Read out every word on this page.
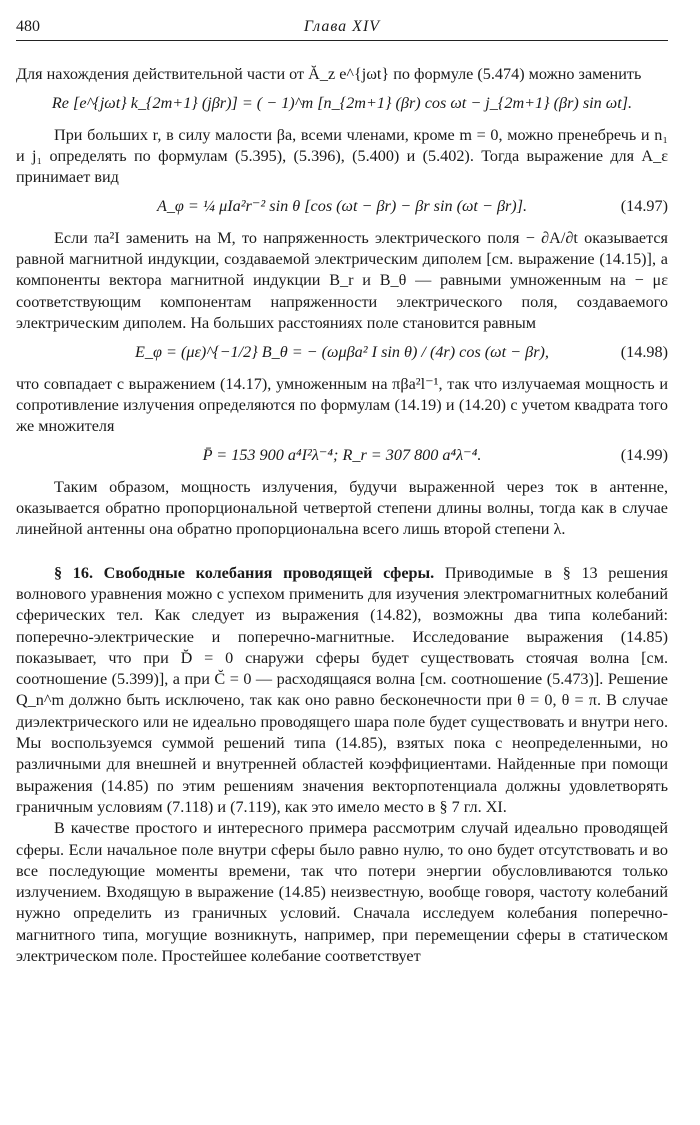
480	Глава XIV

Для нахождения действительной части от Ă_z e^{jωt} по формуле (5.474) можно заменить

Re [e^{jωt} k_{2m+1} (jβr)] = ( − 1)^m [n_{2m+1} (βr) cos ωt − j_{2m+1} (βr) sin ωt].

При больших r, в силу малости βa, всеми членами, кроме m = 0, можно пренебречь и n₁ и j₁ определять по формулам (5.395), (5.396), (5.400) и (5.402). Тогда выражение для A_ε принимает вид

A_φ = ¼ μIa²r⁻² sin θ [cos (ωt − βr) − βr sin (ωt − βr)].	(14.97)

Если πa²I заменить на M, то напряженность электрического поля − ∂A/∂t оказывается равной магнитной индукции, создаваемой электрическим диполем [см. выражение (14.15)], а компоненты вектора магнитной индукции B_r и B_θ — равными умноженным на − με соответствующим компонентам напряженности электрического поля, создаваемого электрическим диполем. На больших расстояниях поле становится равным

E_φ = (με)^{−1/2} B_θ = − (ωμβa² I sin θ) / (4r) cos (ωt − βr),	(14.98)

что совпадает с выражением (14.17), умноженным на πβa²l⁻¹, так что излучаемая мощность и сопротивление излучения определяются по формулам (14.19) и (14.20) с учетом квадрата того же множителя

P̄ = 153 900 a⁴I²λ⁻⁴; R_r = 307 800 a⁴λ⁻⁴.	(14.99)

Таким образом, мощность излучения, будучи выраженной через ток в антенне, оказывается обратно пропорциональной четвертой степени длины волны, тогда как в случае линейной антенны она обратно пропорциональна всего лишь второй степени λ.

§ 16. Свободные колебания проводящей сферы. Приводимые в § 13 решения волнового уравнения можно с успехом применить для изучения электромагнитных колебаний сферических тел. Как следует из выражения (14.82), возможны два типа колебаний: поперечно-электрические и поперечно-магнитные. Исследование выражения (14.85) показывает, что при D̆ = 0 снаружи сферы будет существовать стоячая волна [см. соотношение (5.399)], а при C̆ = 0 — расходящаяся волна [см. соотношение (5.473)]. Решение Q_n^m должно быть исключено, так как оно равно бесконечности при θ = 0, θ = π. В случае диэлектрического или не идеально проводящего шара поле будет существовать и внутри него. Мы воспользуемся суммой решений типа (14.85), взятых пока с неопределенными, но различными для внешней и внутренней областей коэффициентами. Найденные при помощи выражения (14.85) по этим решениям значения векторпотенциала должны удовлетворять граничным условиям (7.118) и (7.119), как это имело место в § 7 гл. XI.

В качестве простого и интересного примера рассмотрим случай идеально проводящей сферы. Если начальное поле внутри сферы было равно нулю, то оно будет отсутствовать и во все последующие моменты времени, так что потери энергии обусловливаются только излучением. Входящую в выражение (14.85) неизвестную, вообще говоря, частоту колебаний нужно определить из граничных условий. Сначала исследуем колебания поперечно-магнитного типа, могущие возникнуть, например, при перемещении сферы в статическом электрическом поле. Простейшее колебание соответствует
